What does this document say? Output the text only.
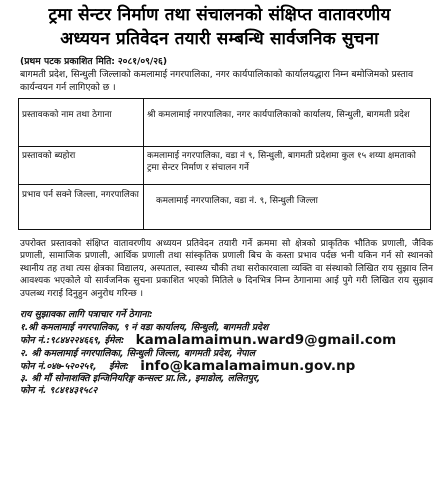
ट्रमा सेन्टर निर्माण तथा संचालनको संक्षिप्त वातावरणीय
अध्ययन प्रतिवेदन तयारी सम्बन्धि सार्वजनिक सुचना
(प्रथम पटक प्रकाशित मिति: २०८१/०९/२६)
बागमती प्रदेश, सिन्धुली जिल्लाको कमलामाई नगरपालिका, नगर कार्यपालिकाको कार्यालयद्धारा निम्न बमोजिमको प्रस्ताव कार्यन्वयन गर्न लागिएको छ ।
प्रस्तावकको नाम तथा ठेगाना	श्री कमलामाई नगरपालिका, नगर कार्यपालिकाको कार्यालय, सिन्धुली, बागमती प्रदेश
प्रस्तावको ब्यहोरा	कमलामाई नगरपालिका, वडा नं ९, सिन्धुली, बागमती प्रदेशमा कुल १५ शय्या क्षमताको ट्रमा सेन्टर निर्माण र संचालन गर्ने
प्रभाव पर्न सक्ने जिल्ला, नगरपालिका	कमलामाई नगरपालिका, वडा नं. ९, सिन्धुली जिल्ला
उपरोक्त प्रस्तावको संक्षिप्त वातावरणीय अध्ययन प्रतिवेदन तयारी गर्ने क्रममा सो क्षेत्रको प्राकृतिक भौतिक प्रणाली, जैविक प्रणाली, सामाजिक प्रणाली, आर्थिक प्रणाली तथा सांस्कृतिक प्रणाली बिच के कस्ता प्रभाव पर्दछ भनी यकिन गर्न सो स्थानको स्थानीय तह तथा त्यस क्षेत्रका विद्यालय, अस्पताल, स्वास्थ्य चौकी तथा सरोकारवाला व्यक्ति वा संस्थाको लिखित राय सुझाव लिन आवश्यक भएकोले यो सार्वजनिक सुचना प्रकाशित भएको मितिले ७ दिनभित्र निम्न ठेगानामा आई पुगे गरी लिखित राय सुझाव उपलब्ध गराई दिनुहुन अनुरोध गरिन्छ ।
राय सुझावका लागि पत्राचार गर्ने ठेगाना:
१.श्री कमलामाई नगरपालिका, ९ नं वडा कार्यालय, सिन्धुली, बागमती प्रदेश
फोन नं.:९८४४२२४६६९, ईमेल: kamalamaimun.ward9@gmail.com
२. श्री कमलामाई नगरपालिका, सिन्धुली जिल्ला, बागमती प्रदेश, नेपाल
फोन नं.०४७-५२०२५१, ईमेल: info@kamalamaimun.gov.np
३. श्री मौं सोनाशक्ति इन्जिनियरिङ्ग कन्सल्ट प्रा.लि., इमाडोल, ललितपुर,
फोन नं. ९८४१४३१५८२
